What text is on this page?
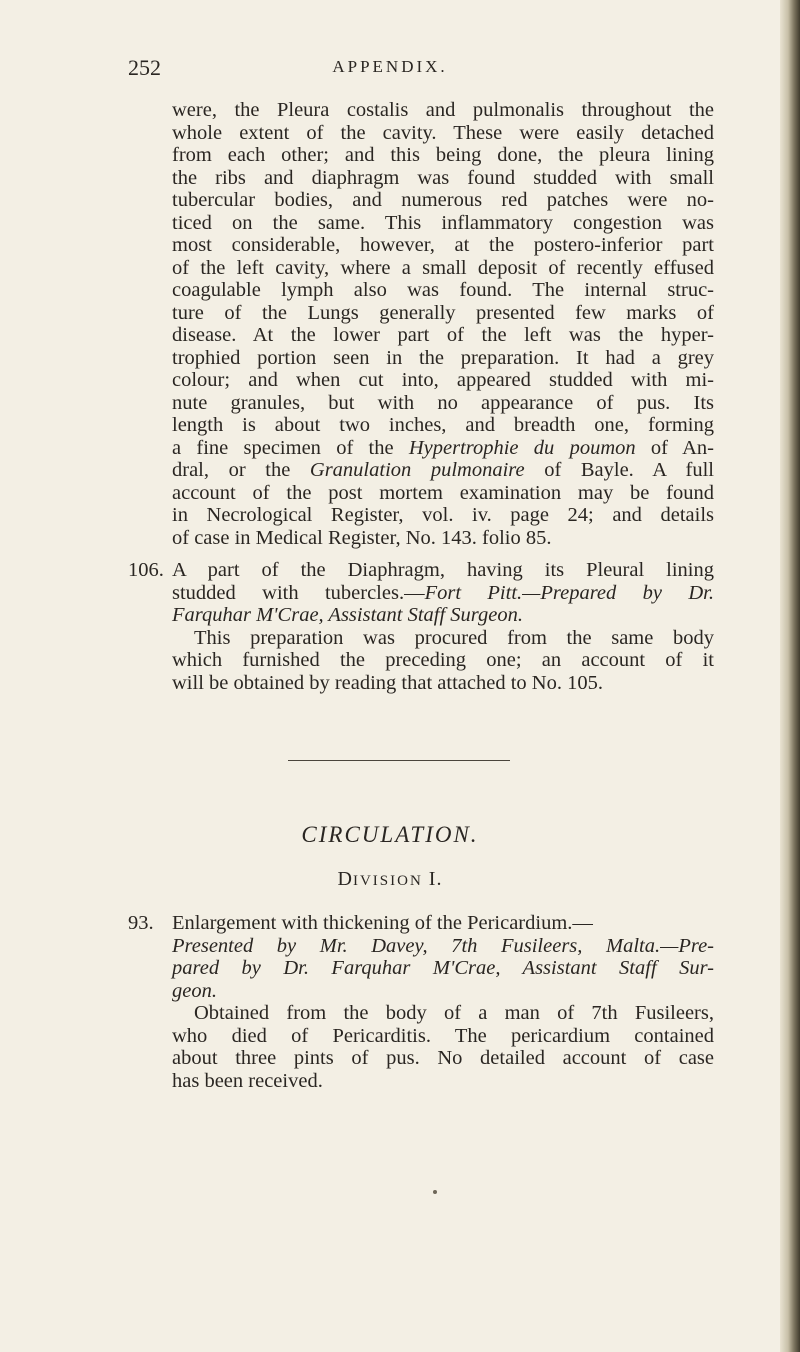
252	APPENDIX.
were, the Pleura costalis and pulmonalis throughout the
whole extent of the cavity. These were easily detached
from each other; and this being done, the pleura lining
the ribs and diaphragm was found studded with small
tubercular bodies, and numerous red patches were no-
ticed on the same. This inflammatory congestion was
most considerable, however, at the postero-inferior part
of the left cavity, where a small deposit of recently effused
coagulable lymph also was found. The internal struc-
ture of the Lungs generally presented few marks of
disease. At the lower part of the left was the hyper-
trophied portion seen in the preparation. It had a grey
colour; and when cut into, appeared studded with mi-
nute granules, but with no appearance of pus. Its
length is about two inches, and breadth one, forming
a fine specimen of the Hypertrophie du poumon of An-
dral, or the Granulation pulmonaire of Bayle. A full
account of the post mortem examination may be found
in Necrological Register, vol. iv. page 24; and details
of case in Medical Register, No. 143. folio 85.
106. A part of the Diaphragm, having its Pleural lining
studded with tubercles.—Fort Pitt.—Prepared by Dr.
Farquhar M'Crae, Assistant Staff Surgeon.
This preparation was procured from the same body
which furnished the preceding one; an account of it
will be obtained by reading that attached to No. 105.
CIRCULATION.
DIVISION I.
93. Enlargement with thickening of the Pericardium.—
Presented by Mr. Davey, 7th Fusileers, Malta.—Pre-
pared by Dr. Farquhar M'Crae, Assistant Staff Sur-
geon.
Obtained from the body of a man of 7th Fusileers,
who died of Pericarditis. The pericardium contained
about three pints of pus. No detailed account of case
has been received.
